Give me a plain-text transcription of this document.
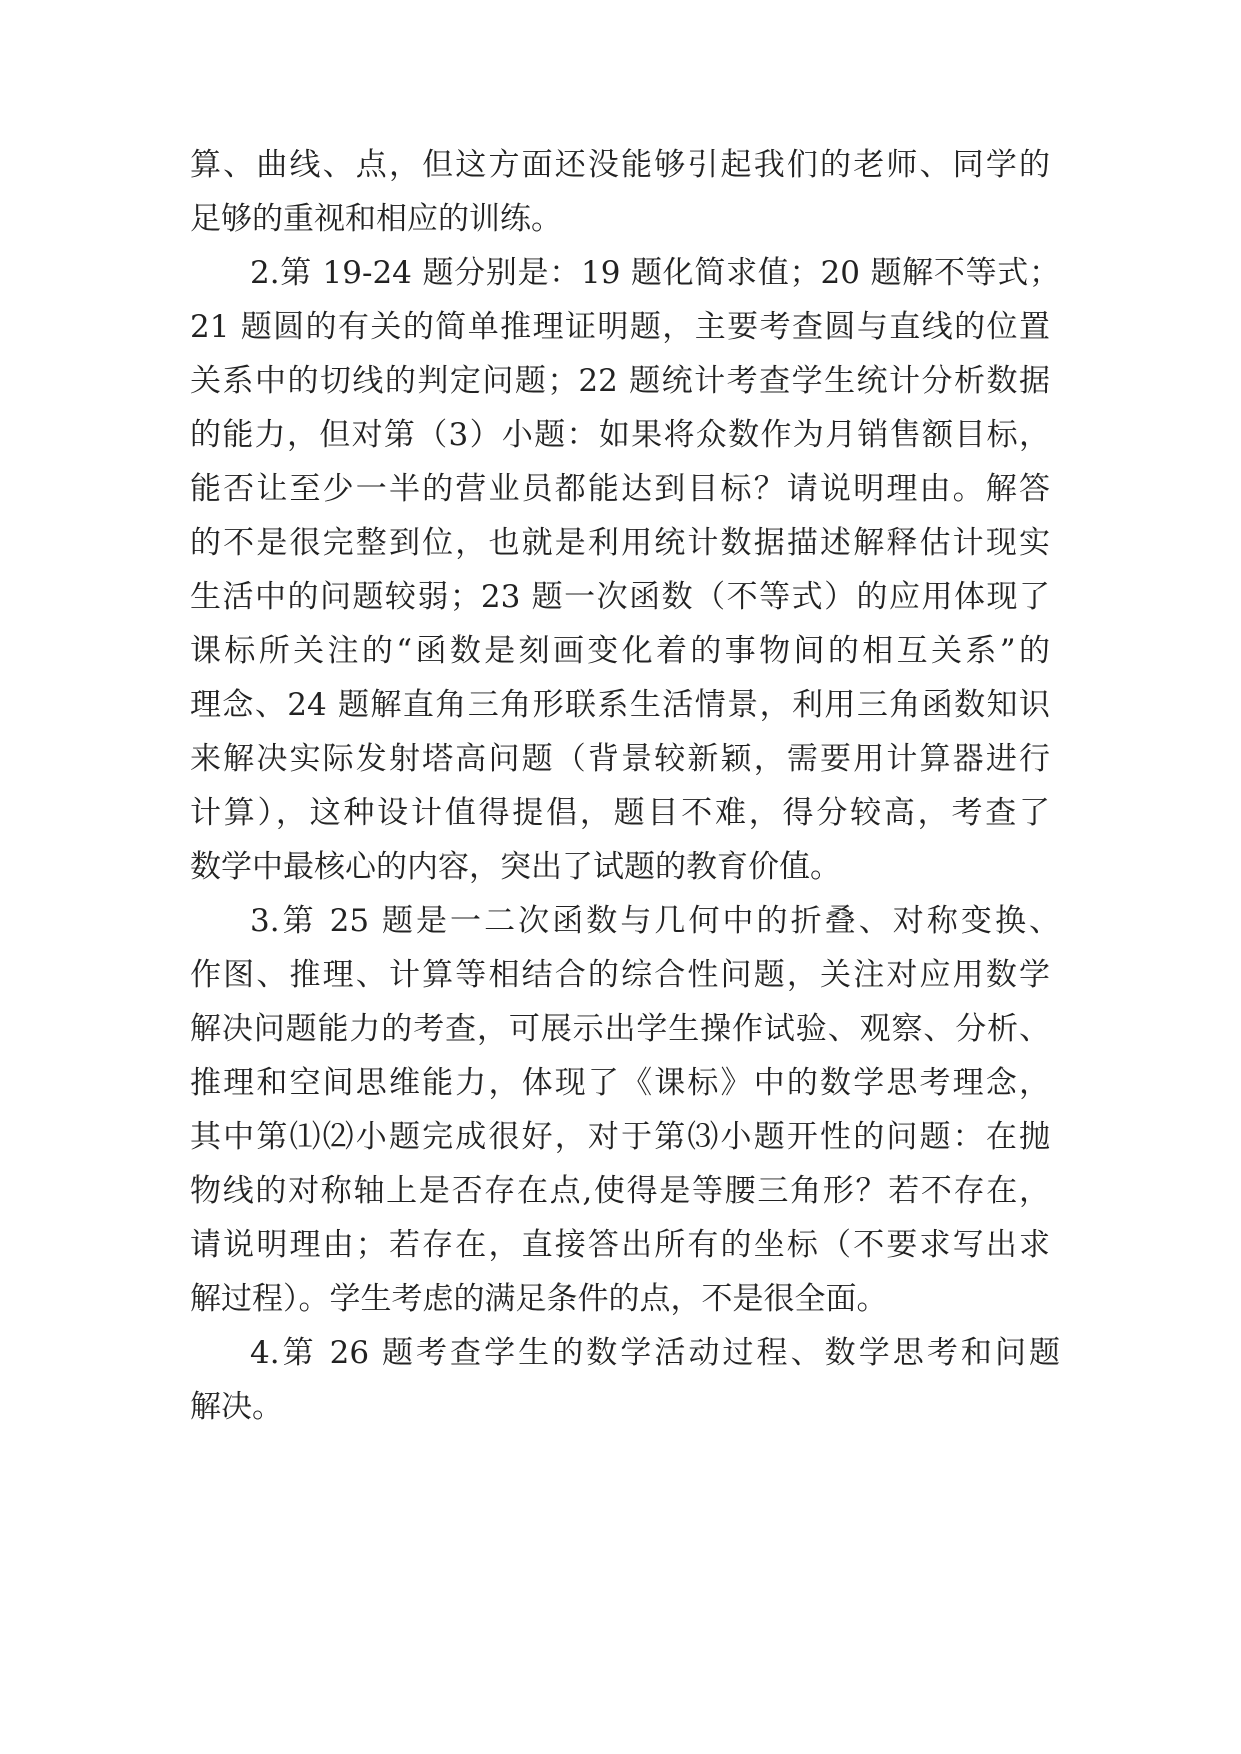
算、曲线、点，但这方面还没能够引起我们的老师、同学的
足够的重视和相应的训练。
2.第 19-24 题分别是：19 题化简求值；20 题解不等式；
21 题圆的有关的简单推理证明题，主要考查圆与直线的位置
关系中的切线的判定问题；22 题统计考查学生统计分析数据
的能力，但对第（3）小题：如果将众数作为月销售额目标，
能否让至少一半的营业员都能达到目标？请说明理由。解答
的不是很完整到位，也就是利用统计数据描述解释估计现实
生活中的问题较弱；23 题一次函数（不等式）的应用体现了
课标所关注的“函数是刻画变化着的事物间的相互关系”的
理念、24 题解直角三角形联系生活情景，利用三角函数知识
来解决实际发射塔高问题（背景较新颖，需要用计算器进行
计算），这种设计值得提倡，题目不难，得分较高，考查了
数学中最核心的内容，突出了试题的教育价值。
3.第 25 题是一二次函数与几何中的折叠、对称变换、
作图、推理、计算等相结合的综合性问题，关注对应用数学
解决问题能力的考查，可展示出学生操作试验、观察、分析、
推理和空间思维能力，体现了《课标》中的数学思考理念，
其中第⑴⑵小题完成很好，对于第⑶小题开性的问题：在抛
物线的对称轴上是否存在点,使得是等腰三角形？若不存在，
请说明理由；若存在，直接答出所有的坐标（不要求写出求
解过程）。学生考虑的满足条件的点，不是很全面。
4.第 26 题考查学生的数学活动过程、数学思考和问题
解决。
